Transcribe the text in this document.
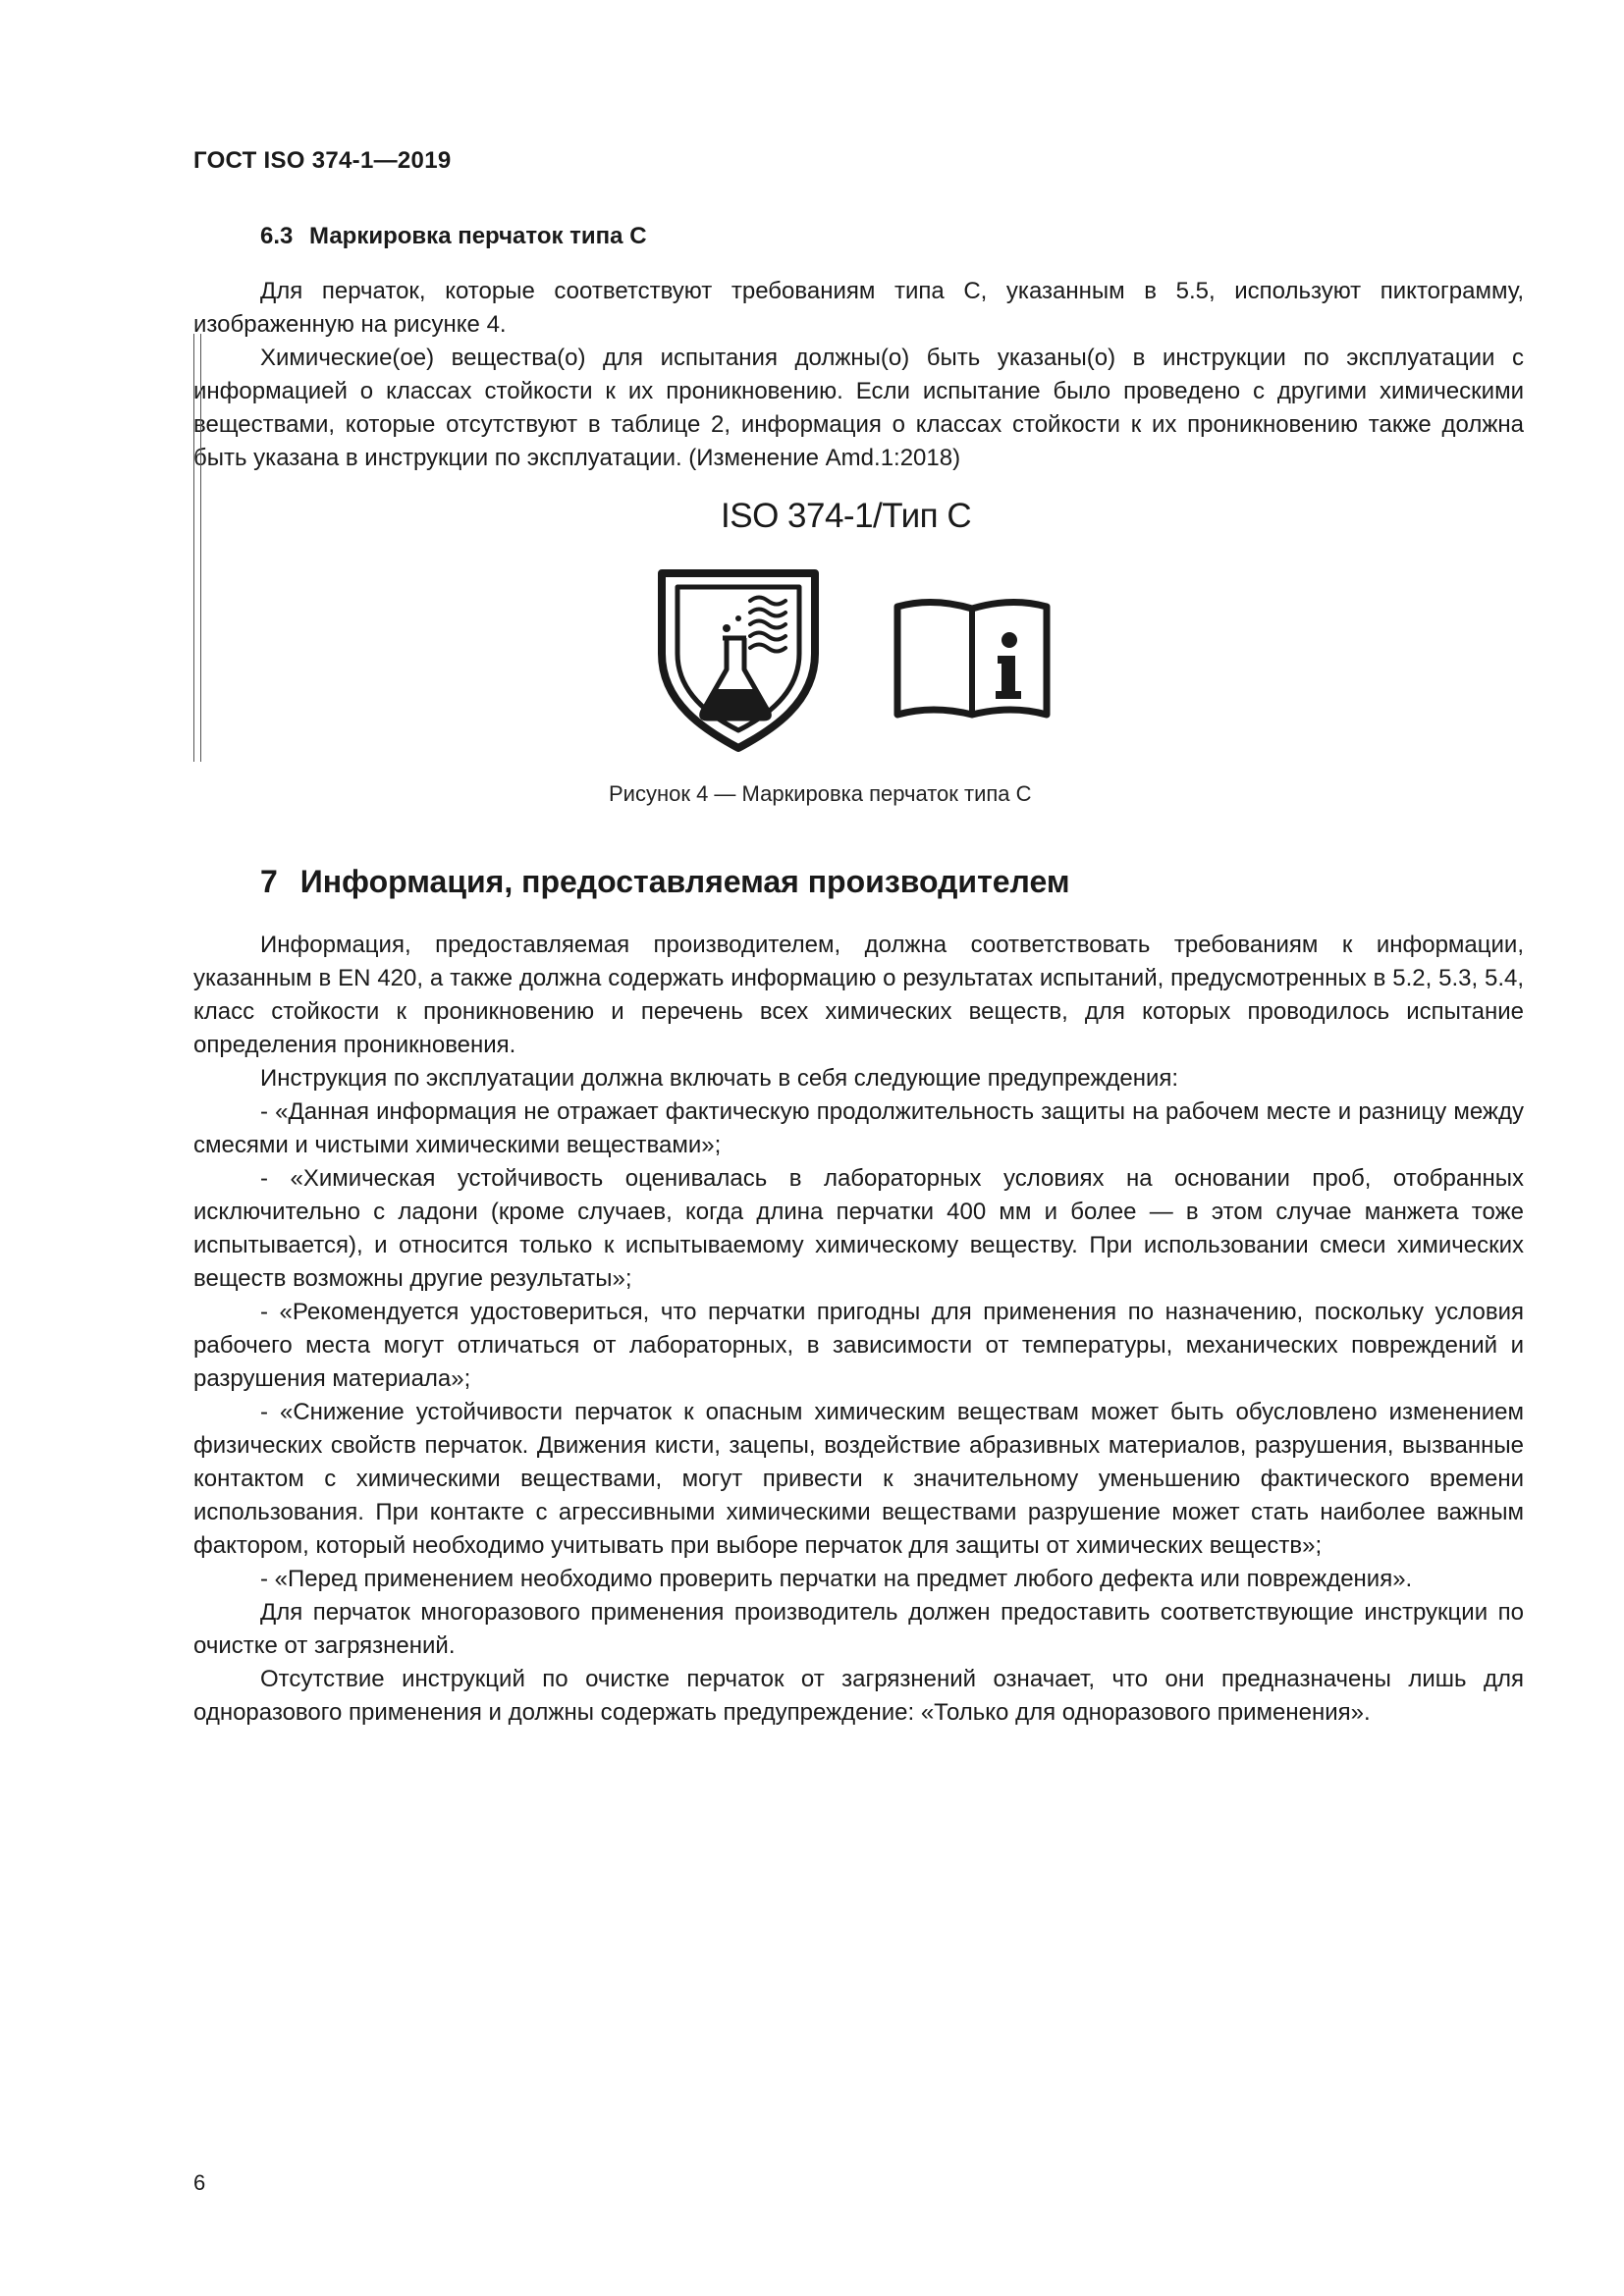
ГОСТ ISO 374-1—2019
6.3 Маркировка перчаток типа С

Для перчаток, которые соответствуют требованиям типа С, указанным в 5.5, используют пиктограмму, изображенную на рисунке 4.

Химические(ое) вещества(о) для испытания должны(о) быть указаны(о) в инструкции по эксплуатации с информацией о классах стойкости к их проникновению. Если испытание было проведено с другими химическими веществами, которые отсутствуют в таблице 2, информация о классах стойкости к их проникновению также должна быть указана в инструкции по эксплуатации. (Изменение Amd.1:2018)

ISO 374-1/Тип С
Рисунок 4 — Маркировка перчаток типа С
7 Информация, предоставляемая производителем

Информация, предоставляемая производителем, должна соответствовать требованиям к информации, указанным в EN 420, а также должна содержать информацию о результатах испытаний, предусмотренных в 5.2, 5.3, 5.4, класс стойкости к проникновению и перечень всех химических веществ, для которых проводилось испытание определения проникновения.

Инструкция по эксплуатации должна включать в себя следующие предупреждения:

- «Данная информация не отражает фактическую продолжительность защиты на рабочем месте и разницу между смесями и чистыми химическими веществами»;

- «Химическая устойчивость оценивалась в лабораторных условиях на основании проб, отобранных исключительно с ладони (кроме случаев, когда длина перчатки 400 мм и более — в этом случае манжета тоже испытывается), и относится только к испытываемому химическому веществу. При использовании смеси химических веществ возможны другие результаты»;

- «Рекомендуется удостовериться, что перчатки пригодны для применения по назначению, поскольку условия рабочего места могут отличаться от лабораторных, в зависимости от температуры, механических повреждений и разрушения материала»;

- «Снижение устойчивости перчаток к опасным химическим веществам может быть обусловлено изменением физических свойств перчаток. Движения кисти, зацепы, воздействие абразивных материалов, разрушения, вызванные контактом с химическими веществами, могут привести к значительному уменьшению фактического времени использования. При контакте с агрессивными химическими веществами разрушение может стать наиболее важным фактором, который необходимо учитывать при выборе перчаток для защиты от химических веществ»;

- «Перед применением необходимо проверить перчатки на предмет любого дефекта или повреждения».

Для перчаток многоразового применения производитель должен предоставить соответствующие инструкции по очистке от загрязнений.

Отсутствие инструкций по очистке перчаток от загрязнений означает, что они предназначены лишь для одноразового применения и должны содержать предупреждение: «Только для одноразового применения».

6
